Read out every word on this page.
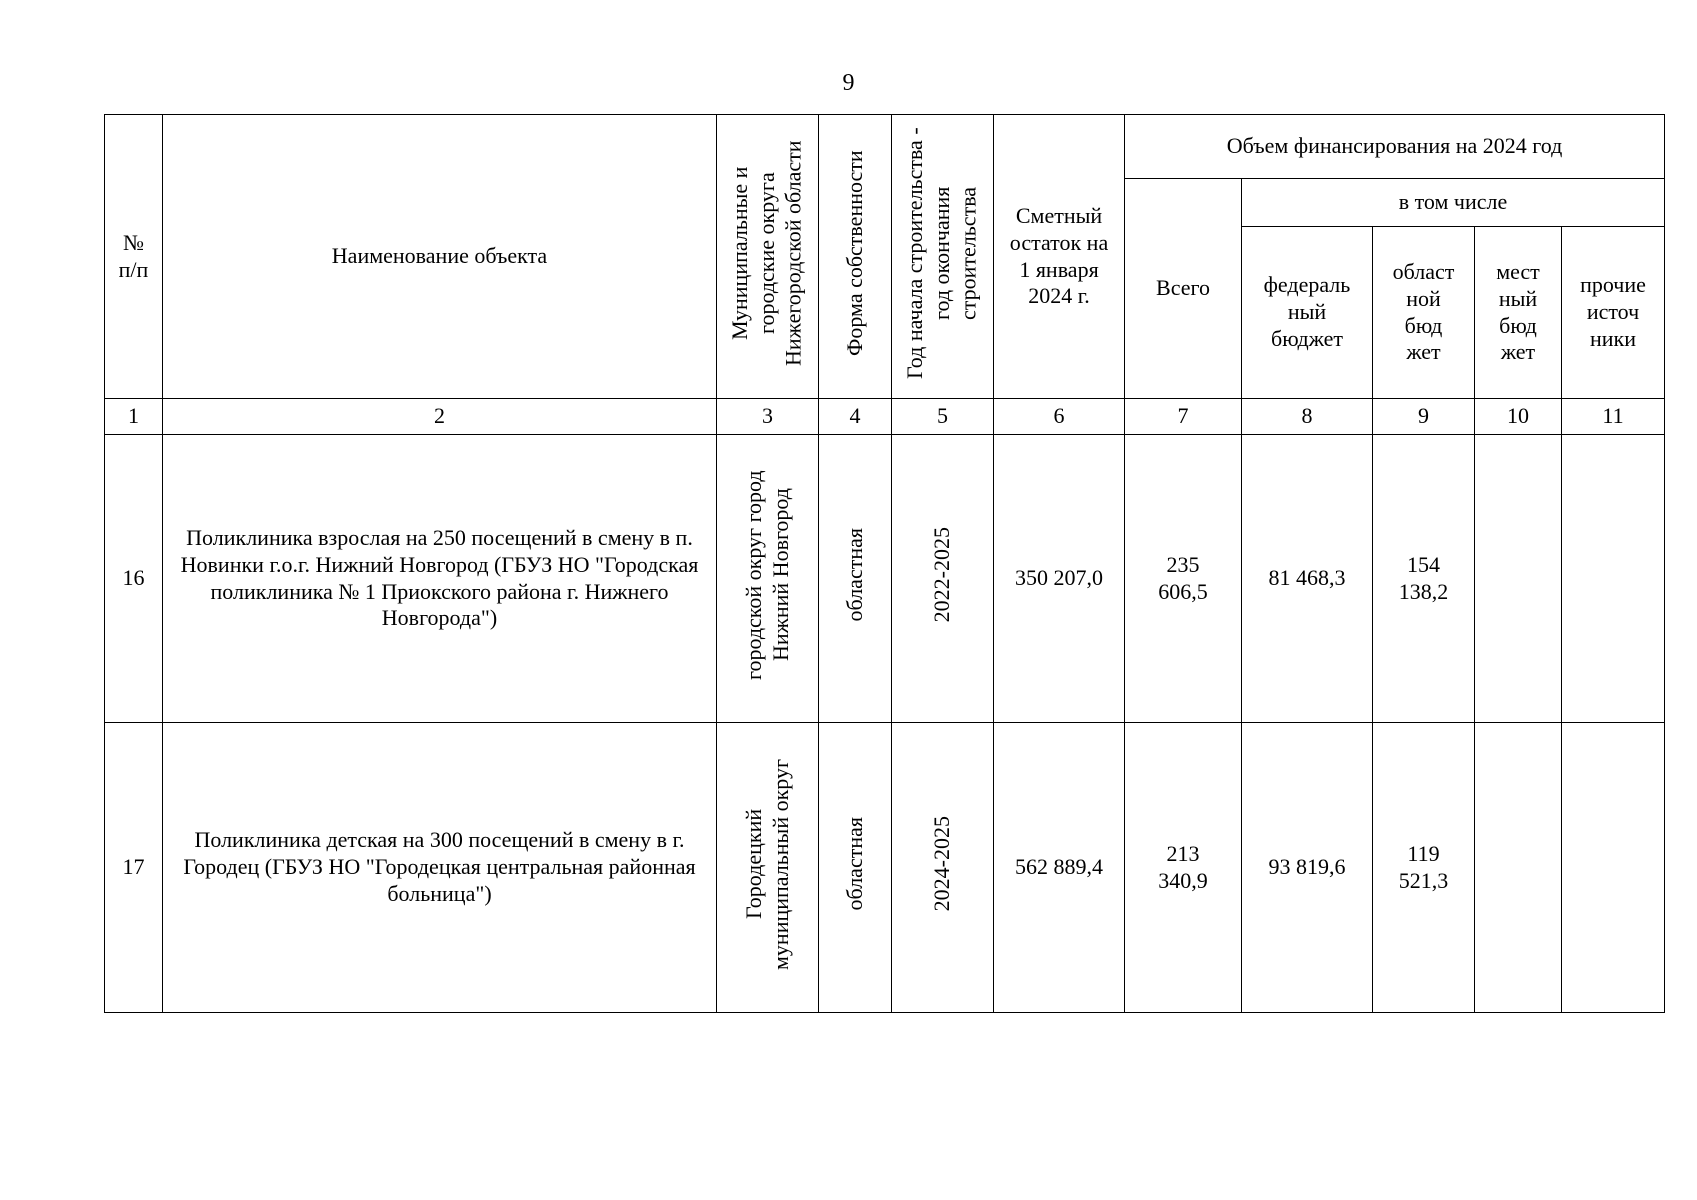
9
№ п/п	Наименование объекта	Муниципальные и городские округа Нижегородской области	Форма собственности	Год начала строительства - год окончания строительства	Сметный остаток на 1 января 2024 г.	Объем финансирования на 2024 год				
						Всего	в том числе			
							федераль ный бюджет	област ной бюд жет	мест ный бюд жет	прочие источ ники
1	2	3	4	5	6	7	8	9	10	11
16	Поликлиника взрослая на 250 посещений в смену в п. Новинки г.о.г. Нижний Новгород (ГБУЗ НО "Городская поликлиника № 1 Приокского района г. Нижнего Новгорода")	городской округ город Нижний Новгород	областная	2022-2025	350 207,0	235 606,5	81 468,3	154 138,2		
17	Поликлиника детская на 300 посещений в смену в г. Городец (ГБУЗ НО "Городецкая центральная районная больница")	Городецкий муниципальный округ	областная	2024-2025	562 889,4	213 340,9	93 819,6	119 521,3		
